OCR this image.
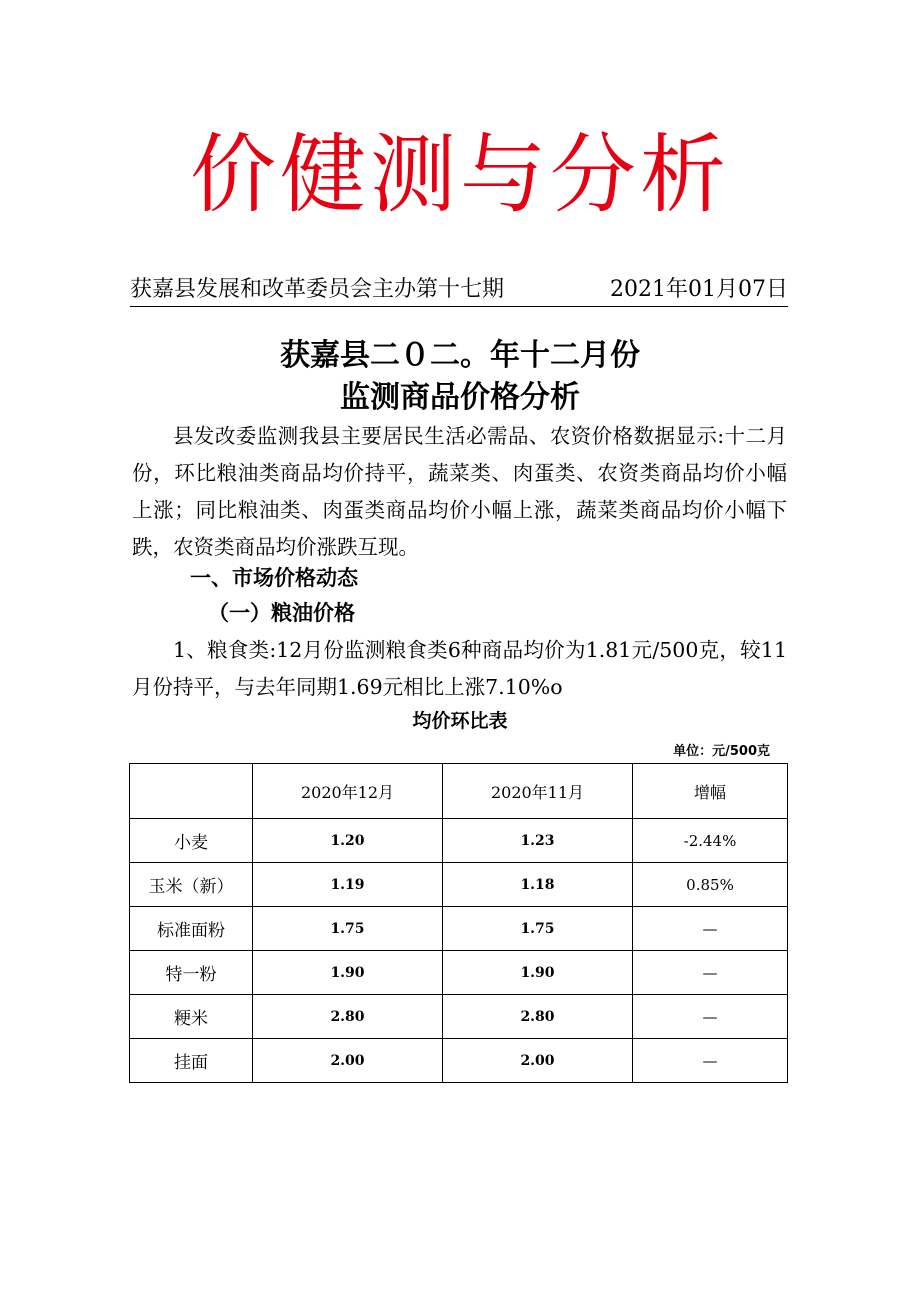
价健测与分析
获嘉县发展和改革委员会主办第十七期	2021年01月07日
获嘉县二０二。年十二月份
监测商品价格分析
县发改委监测我县主要居民生活必需品、农资价格数据显示:十二月份，环比粮油类商品均价持平，蔬菜类、肉蛋类、农资类商品均价小幅上涨；同比粮油类、肉蛋类商品均价小幅上涨，蔬菜类商品均价小幅下跌，农资类商品均价涨跌互现。
一、市场价格动态
（一）粮油价格
1、粮食类:12月份监测粮食类6种商品均价为1.81元/500克，较11月份持平，与去年同期1.69元相比上涨7.10%o
均价环比表
单位：元/500克
	2020年12月	2020年11月	增幅
小麦	1.20	1.23	-2.44%
玉米（新）	1.19	1.18	0.85%
标准面粉	1.75	1.75	—
特一粉	1.90	1.90	—
粳米	2.80	2.80	—
挂面	2.00	2.00	—
